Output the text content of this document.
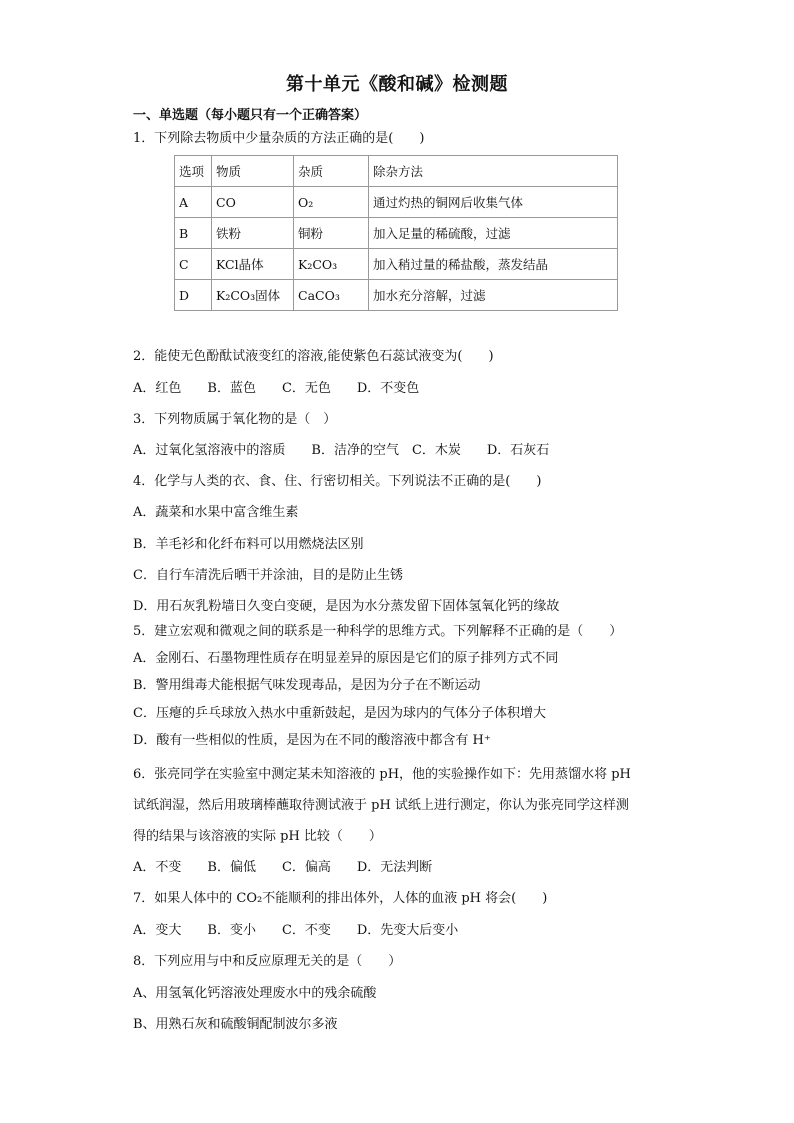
第十单元《酸和碱》检测题
一、单选题（每小题只有一个正确答案）
1．下列除去物质中少量杂质的方法正确的是(　　)
选项	物质	杂质	除杂方法
A	CO	O₂	通过灼热的铜网后收集气体
B	铁粉	铜粉	加入足量的稀硫酸，过滤
C	KCl晶体	K₂CO₃	加入稍过量的稀盐酸，蒸发结晶
D	K₂CO₃固体	CaCO₃	加水充分溶解，过滤
2．能使无色酚酞试液变红的溶液,能使紫色石蕊试液变为(　　)
A．红色　　B．蓝色　　C．无色　　D．不变色
3．下列物质属于氧化物的是（　）
A．过氧化氢溶液中的溶质　　B．洁净的空气　C．木炭　　D．石灰石
4．化学与人类的衣、食、住、行密切相关。下列说法不正确的是(　　)
A．蔬菜和水果中富含维生素
B．羊毛衫和化纤布料可以用燃烧法区别
C．自行车清洗后晒干并涂油，目的是防止生锈
D．用石灰乳粉墙日久变白变硬，是因为水分蒸发留下固体氢氧化钙的缘故
5．建立宏观和微观之间的联系是一种科学的思维方式。下列解释不正确的是（　　）
A．金刚石、石墨物理性质存在明显差异的原因是它们的原子排列方式不同
B．警用缉毒犬能根据气味发现毒品，是因为分子在不断运动
C．压瘪的乒乓球放入热水中重新鼓起，是因为球内的气体分子体积增大
D．酸有一些相似的性质，是因为在不同的酸溶液中都含有 H⁺
6．张亮同学在实验室中测定某未知溶液的 pH，他的实验操作如下：先用蒸馏水将 pH
试纸润湿，然后用玻璃棒蘸取待测试液于 pH 试纸上进行测定，你认为张亮同学这样测
得的结果与该溶液的实际 pH 比较（　　）
A．不变　　B．偏低　　C．偏高　　D．无法判断
7．如果人体中的 CO₂不能顺利的排出体外，人体的血液 pH 将会(　　)
A．变大　　B．变小　　C．不变　　D．先变大后变小
8．下列应用与中和反应原理无关的是（　　）
A、用氢氧化钙溶液处理废水中的残余硫酸
B、用熟石灰和硫酸铜配制波尔多液
